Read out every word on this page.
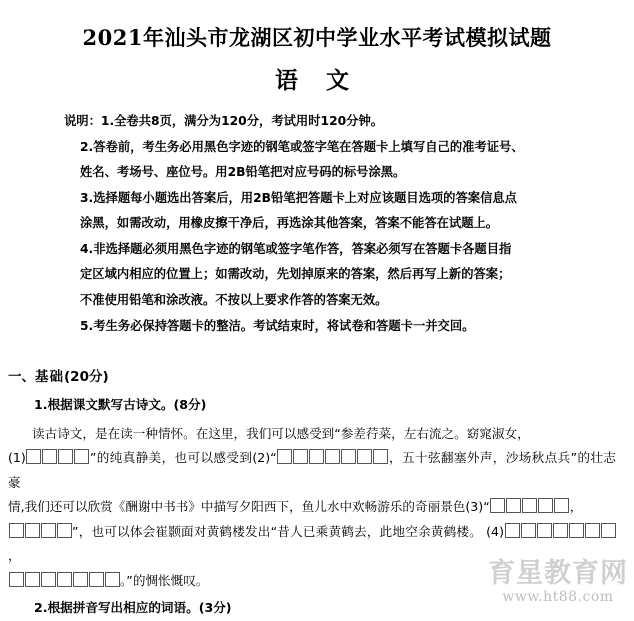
2021年汕头市龙湖区初中学业水平考试模拟试题
语 文
说明：1.全卷共8页，满分为120分，考试用时120分钟。
2.答卷前，考生务必用黑色字迹的钢笔或签字笔在答题卡上填写自己的准考证号、
姓名、考场号、座位号。用2B铅笔把对应号码的标号涂黑。
3.选择题每小题选出答案后，用2B铅笔把答题卡上对应该题目选项的答案信息点
涂黑，如需改动，用橡皮擦干净后，再选涂其他答案，答案不能答在试题上。
4.非选择题必须用黑色字迹的钢笔或签字笔作答，答案必须写在答题卡各题目指
定区域内相应的位置上；如需改动，先划掉原来的答案，然后再写上新的答案；
不准使用铅笔和涂改液。不按以上要求作答的答案无效。
5.考生务必保持答题卡的整洁。考试结束时，将试卷和答题卡一并交回。
一、基础(20分)
1.根据课文默写古诗文。(8分)
读古诗文，是在读一种情怀。在这里，我们可以感受到“参差荇菜，左右流之。窈窕淑女，
(1)	”的纯真静美，也可以感受到(2)“	，五十弦翻塞外声，沙场秋点兵”的壮志豪
情,我们还可以欣赏《酬谢中书书》中描写夕阳西下，鱼儿水中欢畅游乐的奇丽景色(3)“	，
”，也可以体会崔颢面对黄鹤楼发出“昔人已乘黄鹤去，此地空余黄鹤楼。 (4)，
。”的惆怅慨叹。
2.根据拼音写出相应的词语。(3分)
育星教育网
www.ht88.com
